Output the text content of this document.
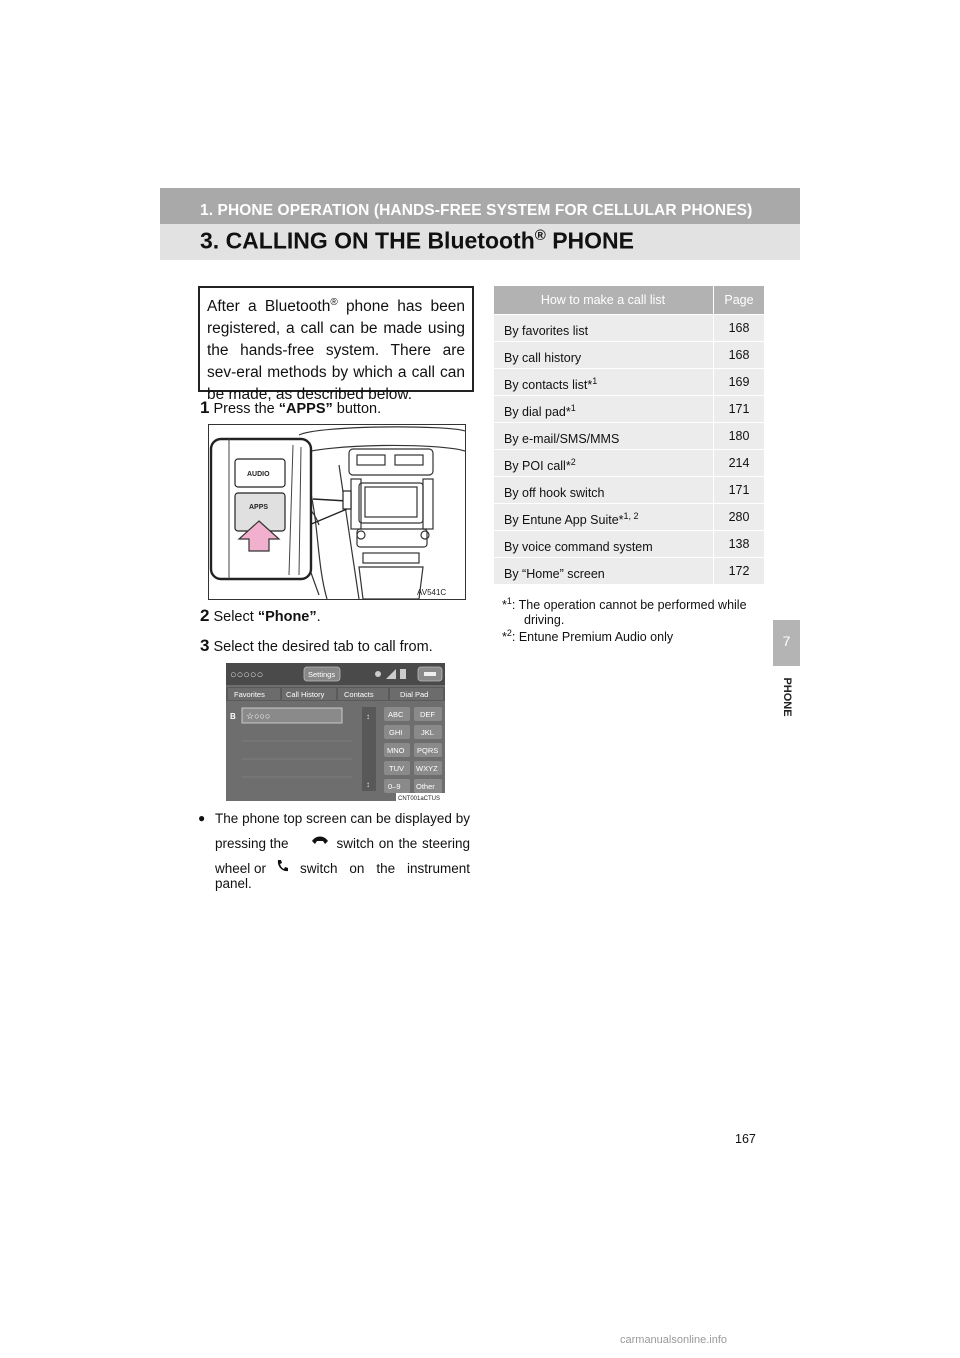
1. PHONE OPERATION (HANDS-FREE SYSTEM FOR CELLULAR PHONES)
3. CALLING ON THE Bluetooth® PHONE
7
PHONE

After a Bluetooth® phone has been registered, a call can be made using the hands-free system. There are sev-eral methods by which a call can be made, as described below.

1 Press the “APPS” button.
AUDIO
APPS
AV541C
2 Select “Phone”.
3 Select the desired tab to call from.
○○○○○	Settings
Favorites	Call History	Contacts	Dial Pad
B ☆○○○	↕
↕
ABC DEF
GHI JKL
MNO PQRS
TUV WXYZ
0–9 Other
CNT001aCTUS
● The phone top screen can be displayed by
pressing the	switch on the steering
wheel or	switch on the instrument
panel.
How to make a call list	Page
By favorites list	168
By call history	168
By contacts list*$^1$	169
By dial pad*$^1$	171
By e-mail/SMS/MMS	180
By POI call*$^2$	214
By off hook switch	171
By Entune App Suite*$^{1, 2}$	280
By voice command system	138
By “Home” screen	172
*$^1$: The operation cannot be performed while
driving.
*$^2$: Entune Premium Audio only
167
carmanualsonline.info
